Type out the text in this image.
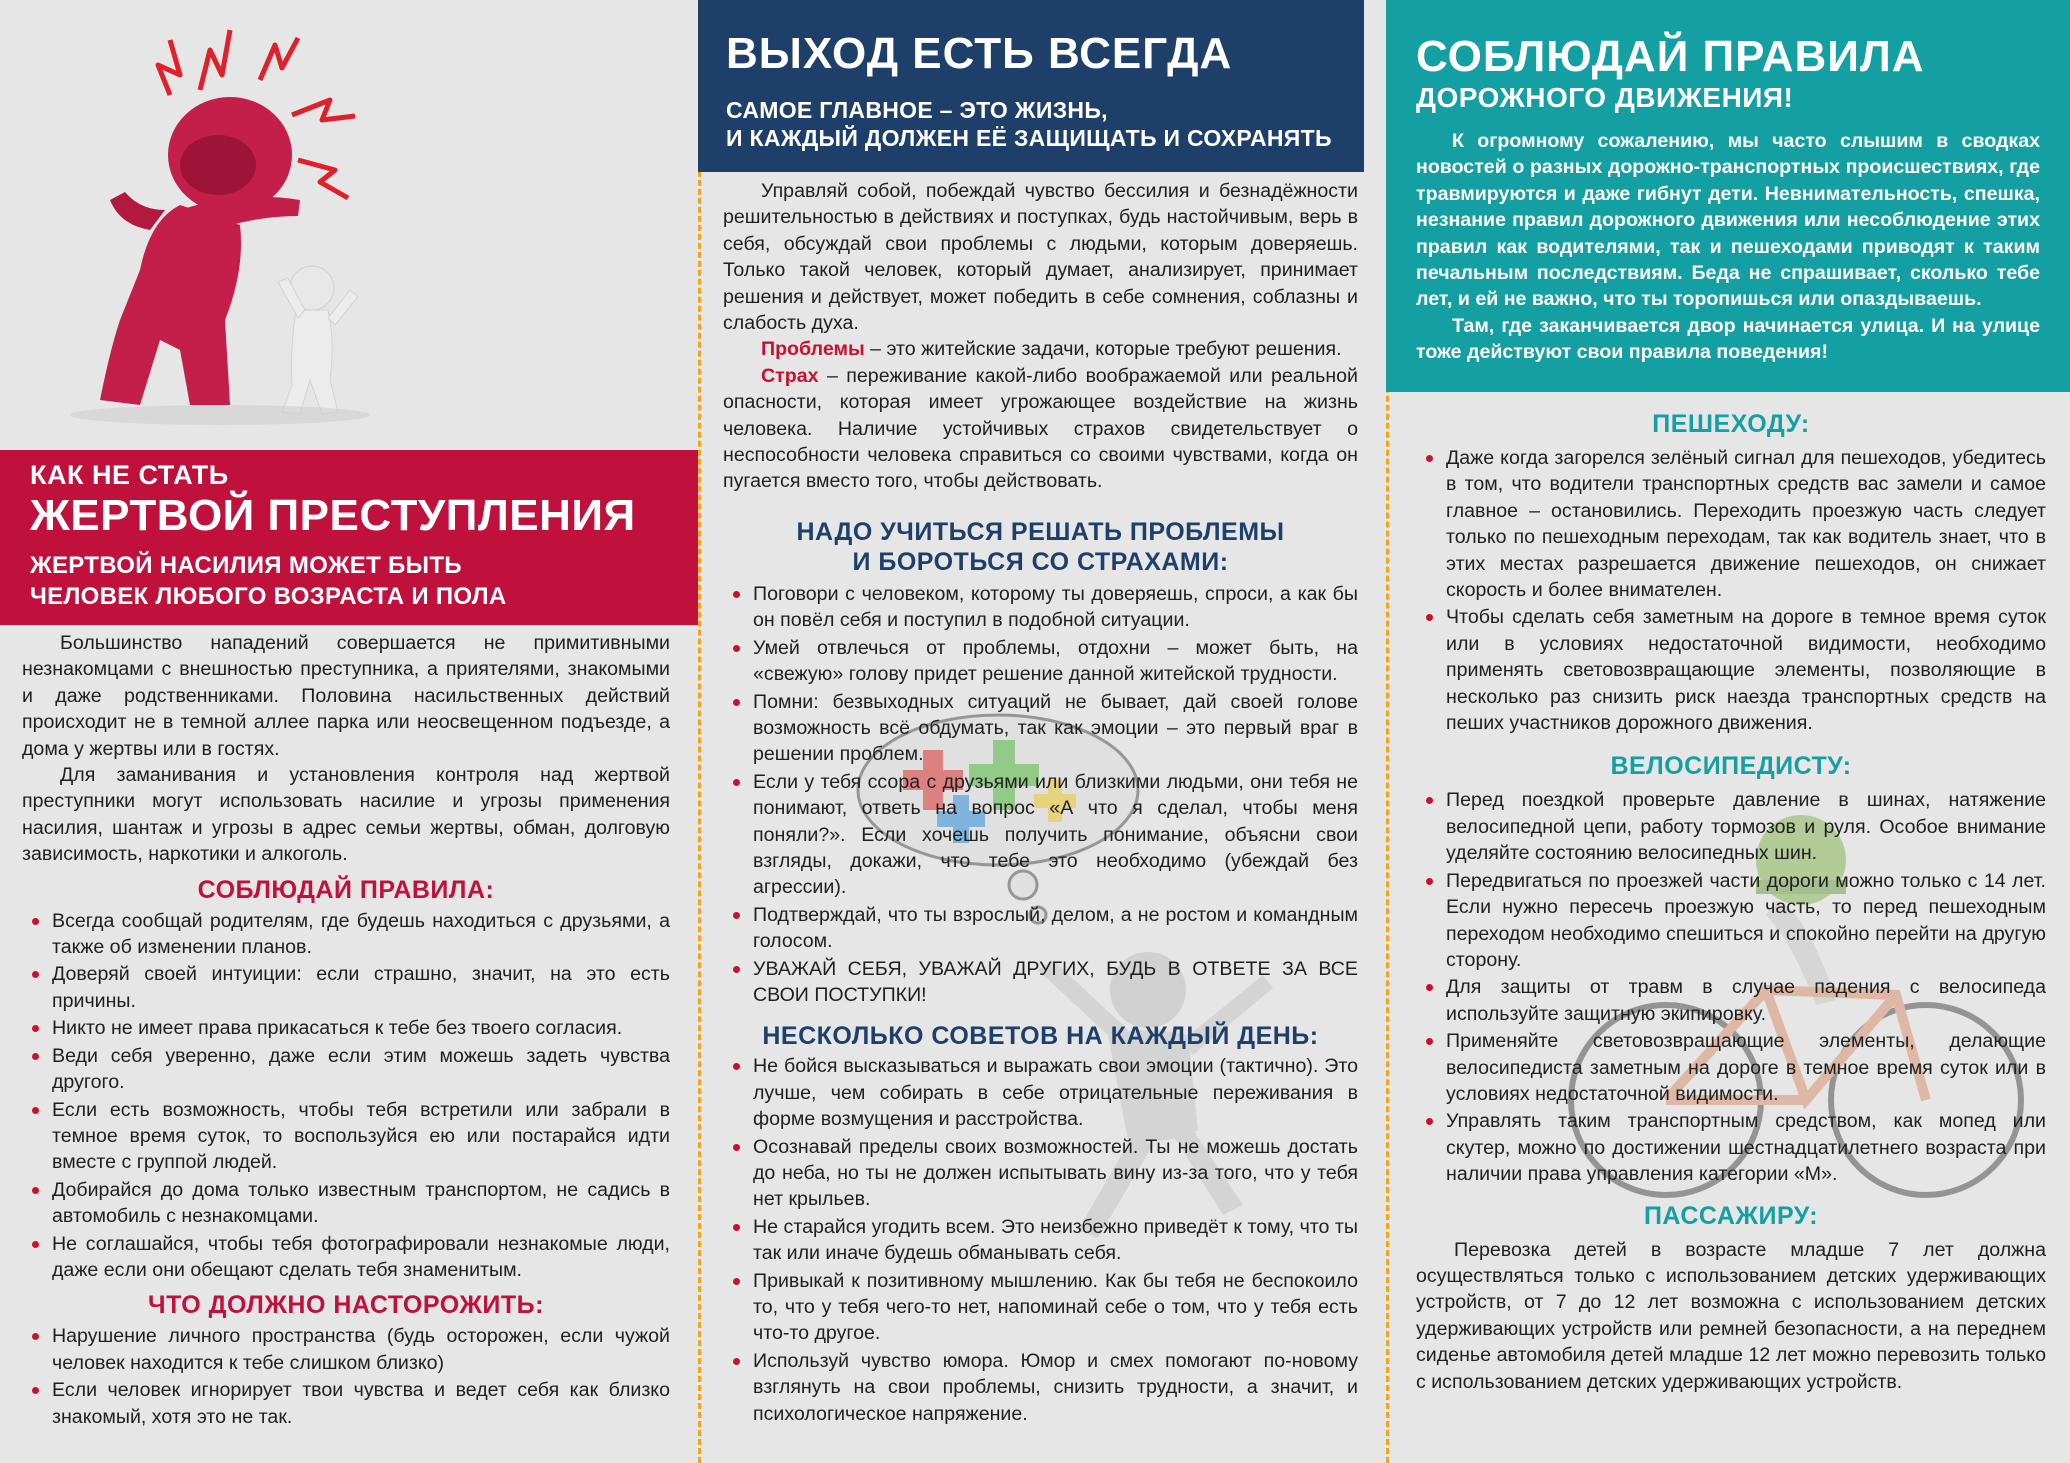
КАК НЕ СТАТЬ
ЖЕРТВОЙ ПРЕСТУПЛЕНИЯ
ЖЕРТВОЙ НАСИЛИЯ МОЖЕТ БЫТЬ
ЧЕЛОВЕК ЛЮБОГО ВОЗРАСТА И ПОЛА

Большинство нападений совершается не примитивными незнакомцами с внешностью преступника, а приятелями, знакомыми и даже родственниками. Половина насильственных действий происходит не в темной аллее парка или неосвещенном подъезде, а дома у жертвы или в гостях.

Для заманивания и установления контроля над жертвой преступники могут использовать насилие и угрозы применения насилия, шантаж и угрозы в адрес семьи жертвы, обман, долговую зависимость, наркотики и алкоголь.

СОБЛЮДАЙ ПРАВИЛА:
Всегда сообщай родителям, где будешь находиться с друзьями, а также об изменении планов.
Доверяй своей интуиции: если страшно, значит, на это есть причины.
Никто не имеет права прикасаться к тебе без твоего согласия.
Веди себя уверенно, даже если этим можешь задеть чувства другого.
Если есть возможность, чтобы тебя встретили или забрали в темное время суток, то воспользуйся ею или постарайся идти вместе с группой людей.
Добирайся до дома только известным транспортом, не садись в автомобиль с незнакомцами.
Не соглашайся, чтобы тебя фотографировали незнакомые люди, даже если они обещают сделать тебя знаменитым.
ЧТО ДОЛЖНО НАСТОРОЖИТЬ:
Нарушение личного пространства (будь осторожен, если чужой человек находится к тебе слишком близко)
Если человек игнорирует твои чувства и ведет себя как близко знакомый, хотя это не так.
ВЫХОД ЕСТЬ ВСЕГДА
САМОЕ ГЛАВНОЕ – ЭТО ЖИЗНЬ,
И КАЖДЫЙ ДОЛЖЕН ЕЁ ЗАЩИЩАТЬ И СОХРАНЯТЬ

Управляй собой, побеждай чувство бессилия и безнадёжности решительностью в действиях и поступках, будь настойчивым, верь в себя, обсуждай свои проблемы с людьми, которым доверяешь. Только такой человек, который думает, анализирует, принимает решения и действует, может победить в себе сомнения, соблазны и слабость духа.

Проблемы – это житейские задачи, которые требуют решения.

Страх – переживание какой-либо воображаемой или реальной опасности, которая имеет угрожающее воздействие на жизнь человека. Наличие устойчивых страхов свидетельствует о неспособности человека справиться со своими чувствами, когда он пугается вместо того, чтобы действовать.

НАДО УЧИТЬСЯ РЕШАТЬ ПРОБЛЕМЫ
И БОРОТЬСЯ СО СТРАХАМИ:
Поговори с человеком, которому ты доверяешь, спроси, а как бы он повёл себя и поступил в подобной ситуации.
Умей отвлечься от проблемы, отдохни – может быть, на «свежую» голову придет решение данной житейской трудности.
Помни: безвыходных ситуаций не бывает, дай своей голове возможность всё обдумать, так как эмоции – это первый враг в решении проблем.
Если у тебя ссора с друзьями или близкими людьми, они тебя не понимают, ответь на вопрос «А что я сделал, чтобы меня поняли?». Если хочешь получить понимание, объясни свои взгляды, докажи, что тебе это необходимо (убеждай без агрессии).
Подтверждай, что ты взрослый, делом, а не ростом и командным голосом.
УВАЖАЙ СЕБЯ, УВАЖАЙ ДРУГИХ, БУДЬ В ОТВЕТЕ ЗА ВСЕ СВОИ ПОСТУПКИ!
НЕСКОЛЬКО СОВЕТОВ НА КАЖДЫЙ ДЕНЬ:
Не бойся высказываться и выражать свои эмоции (тактично). Это лучше, чем собирать в себе отрицательные переживания в форме возмущения и расстройства.
Осознавай пределы своих возможностей. Ты не можешь достать до неба, но ты не должен испытывать вину из-за того, что у тебя нет крыльев.
Не старайся угодить всем. Это неизбежно приведёт к тому, что ты так или иначе будешь обманывать себя.
Привыкай к позитивному мышлению. Как бы тебя не беспокоило то, что у тебя чего-то нет, напоминай себе о том, что у тебя есть что-то другое.
Используй чувство юмора. Юмор и смех помогают по-новому взглянуть на свои проблемы, снизить трудности, а значит, и психологическое напряжение.
СОБЛЮДАЙ ПРАВИЛА
ДОРОЖНОГО ДВИЖЕНИЯ!

К огромному сожалению, мы часто слышим в сводках новостей о разных дорожно-транспортных происшествиях, где травмируются и даже гибнут дети. Невнимательность, спешка, незнание правил дорожного движения или несоблюдение этих правил как водителями, так и пешеходами приводят к таким печальным последствиям. Беда не спрашивает, сколько тебе лет, и ей не важно, что ты торопишься или опаздываешь.

Там, где заканчивается двор начинается улица. И на улице тоже действуют свои правила поведения!

ПЕШЕХОДУ:
Даже когда загорелся зелёный сигнал для пешеходов, убедитесь в том, что водители транспортных средств вас замели и самое главное – остановились. Переходить проезжую часть следует только по пешеходным переходам, так как водитель знает, что в этих местах разрешается движение пешеходов, он снижает скорость и более внимателен.
Чтобы сделать себя заметным на дороге в темное время суток или в условиях недостаточной видимости, необходимо применять световозвращающие элементы, позволяющие в несколько раз снизить риск наезда транспортных средств на пеших участников дорожного движения.
ВЕЛОСИПЕДИСТУ:
Перед поездкой проверьте давление в шинах, натяжение велосипедной цепи, работу тормозов и руля. Особое внимание уделяйте состоянию велосипедных шин.
Передвигаться по проезжей части дороги можно только с 14 лет. Если нужно пересечь проезжую часть, то перед пешеходным переходом необходимо спешиться и спокойно перейти на другую сторону.
Для защиты от травм в случае падения с велосипеда используйте защитную экипировку.
Применяйте световозвращающие элементы, делающие велосипедиста заметным на дороге в темное время суток или в условиях недостаточной видимости.
Управлять таким транспортным средством, как мопед или скутер, можно по достижении шестнадцатилетнего возраста при наличии права управления категории «М».
ПАССАЖИРУ:

Перевозка детей в возрасте младше 7 лет должна осуществляться только с использованием детских удерживающих устройств, от 7 до 12 лет возможна с использованием детских удерживающих устройств или ремней безопасности, а на переднем сиденье автомобиля детей младше 12 лет можно перевозить только с использованием детских удерживающих устройств.
